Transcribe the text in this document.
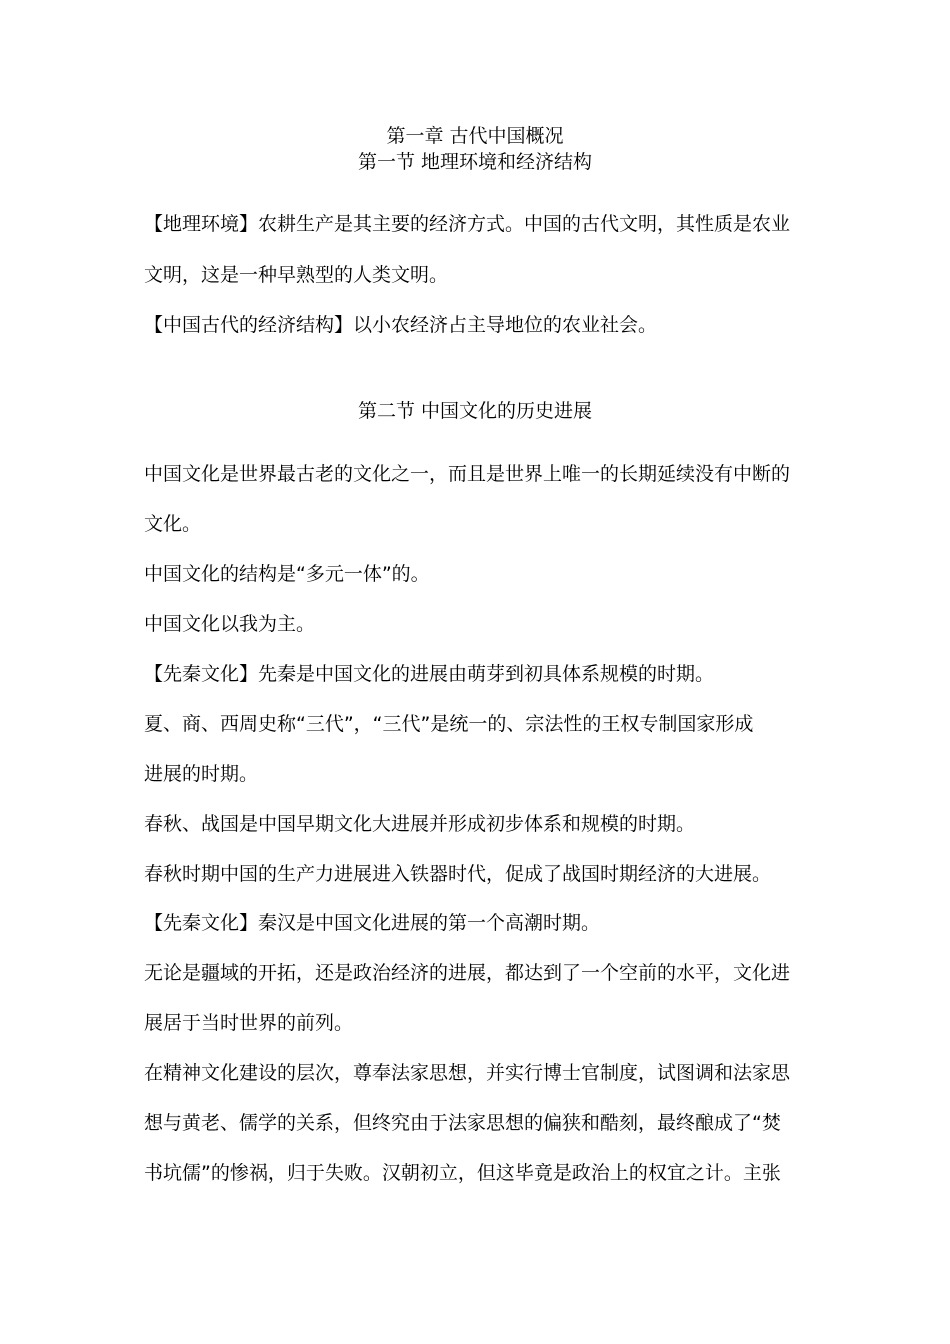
第一章 古代中国概况
第一节 地理环境和经济结构
【地理环境】农耕生产是其主要的经济方式。中国的古代文明，其性质是农业
文明，这是一种早熟型的人类文明。
【中国古代的经济结构】以小农经济占主导地位的农业社会。
第二节 中国文化的历史进展
中国文化是世界最古老的文化之一，而且是世界上唯一的长期延续没有中断的
文化。
中国文化的结构是“多元一体”的。
中国文化以我为主。
【先秦文化】先秦是中国文化的进展由萌芽到初具体系规模的时期。
夏、商、西周史称“三代”，“三代”是统一的、宗法性的王权专制国家形成
进展的时期。
春秋、战国是中国早期文化大进展并形成初步体系和规模的时期。
春秋时期中国的生产力进展进入铁器时代，促成了战国时期经济的大进展。
【先秦文化】秦汉是中国文化进展的第一个高潮时期。
无论是疆域的开拓，还是政治经济的进展，都达到了一个空前的水平，文化进
展居于当时世界的前列。
在精神文化建设的层次，尊奉法家思想，并实行博士官制度，试图调和法家思
想与黄老、儒学的关系，但终究由于法家思想的偏狭和酷刻，最终酿成了“焚
书坑儒”的惨祸，归于失败。汉朝初立，但这毕竟是政治上的权宜之计。主张
